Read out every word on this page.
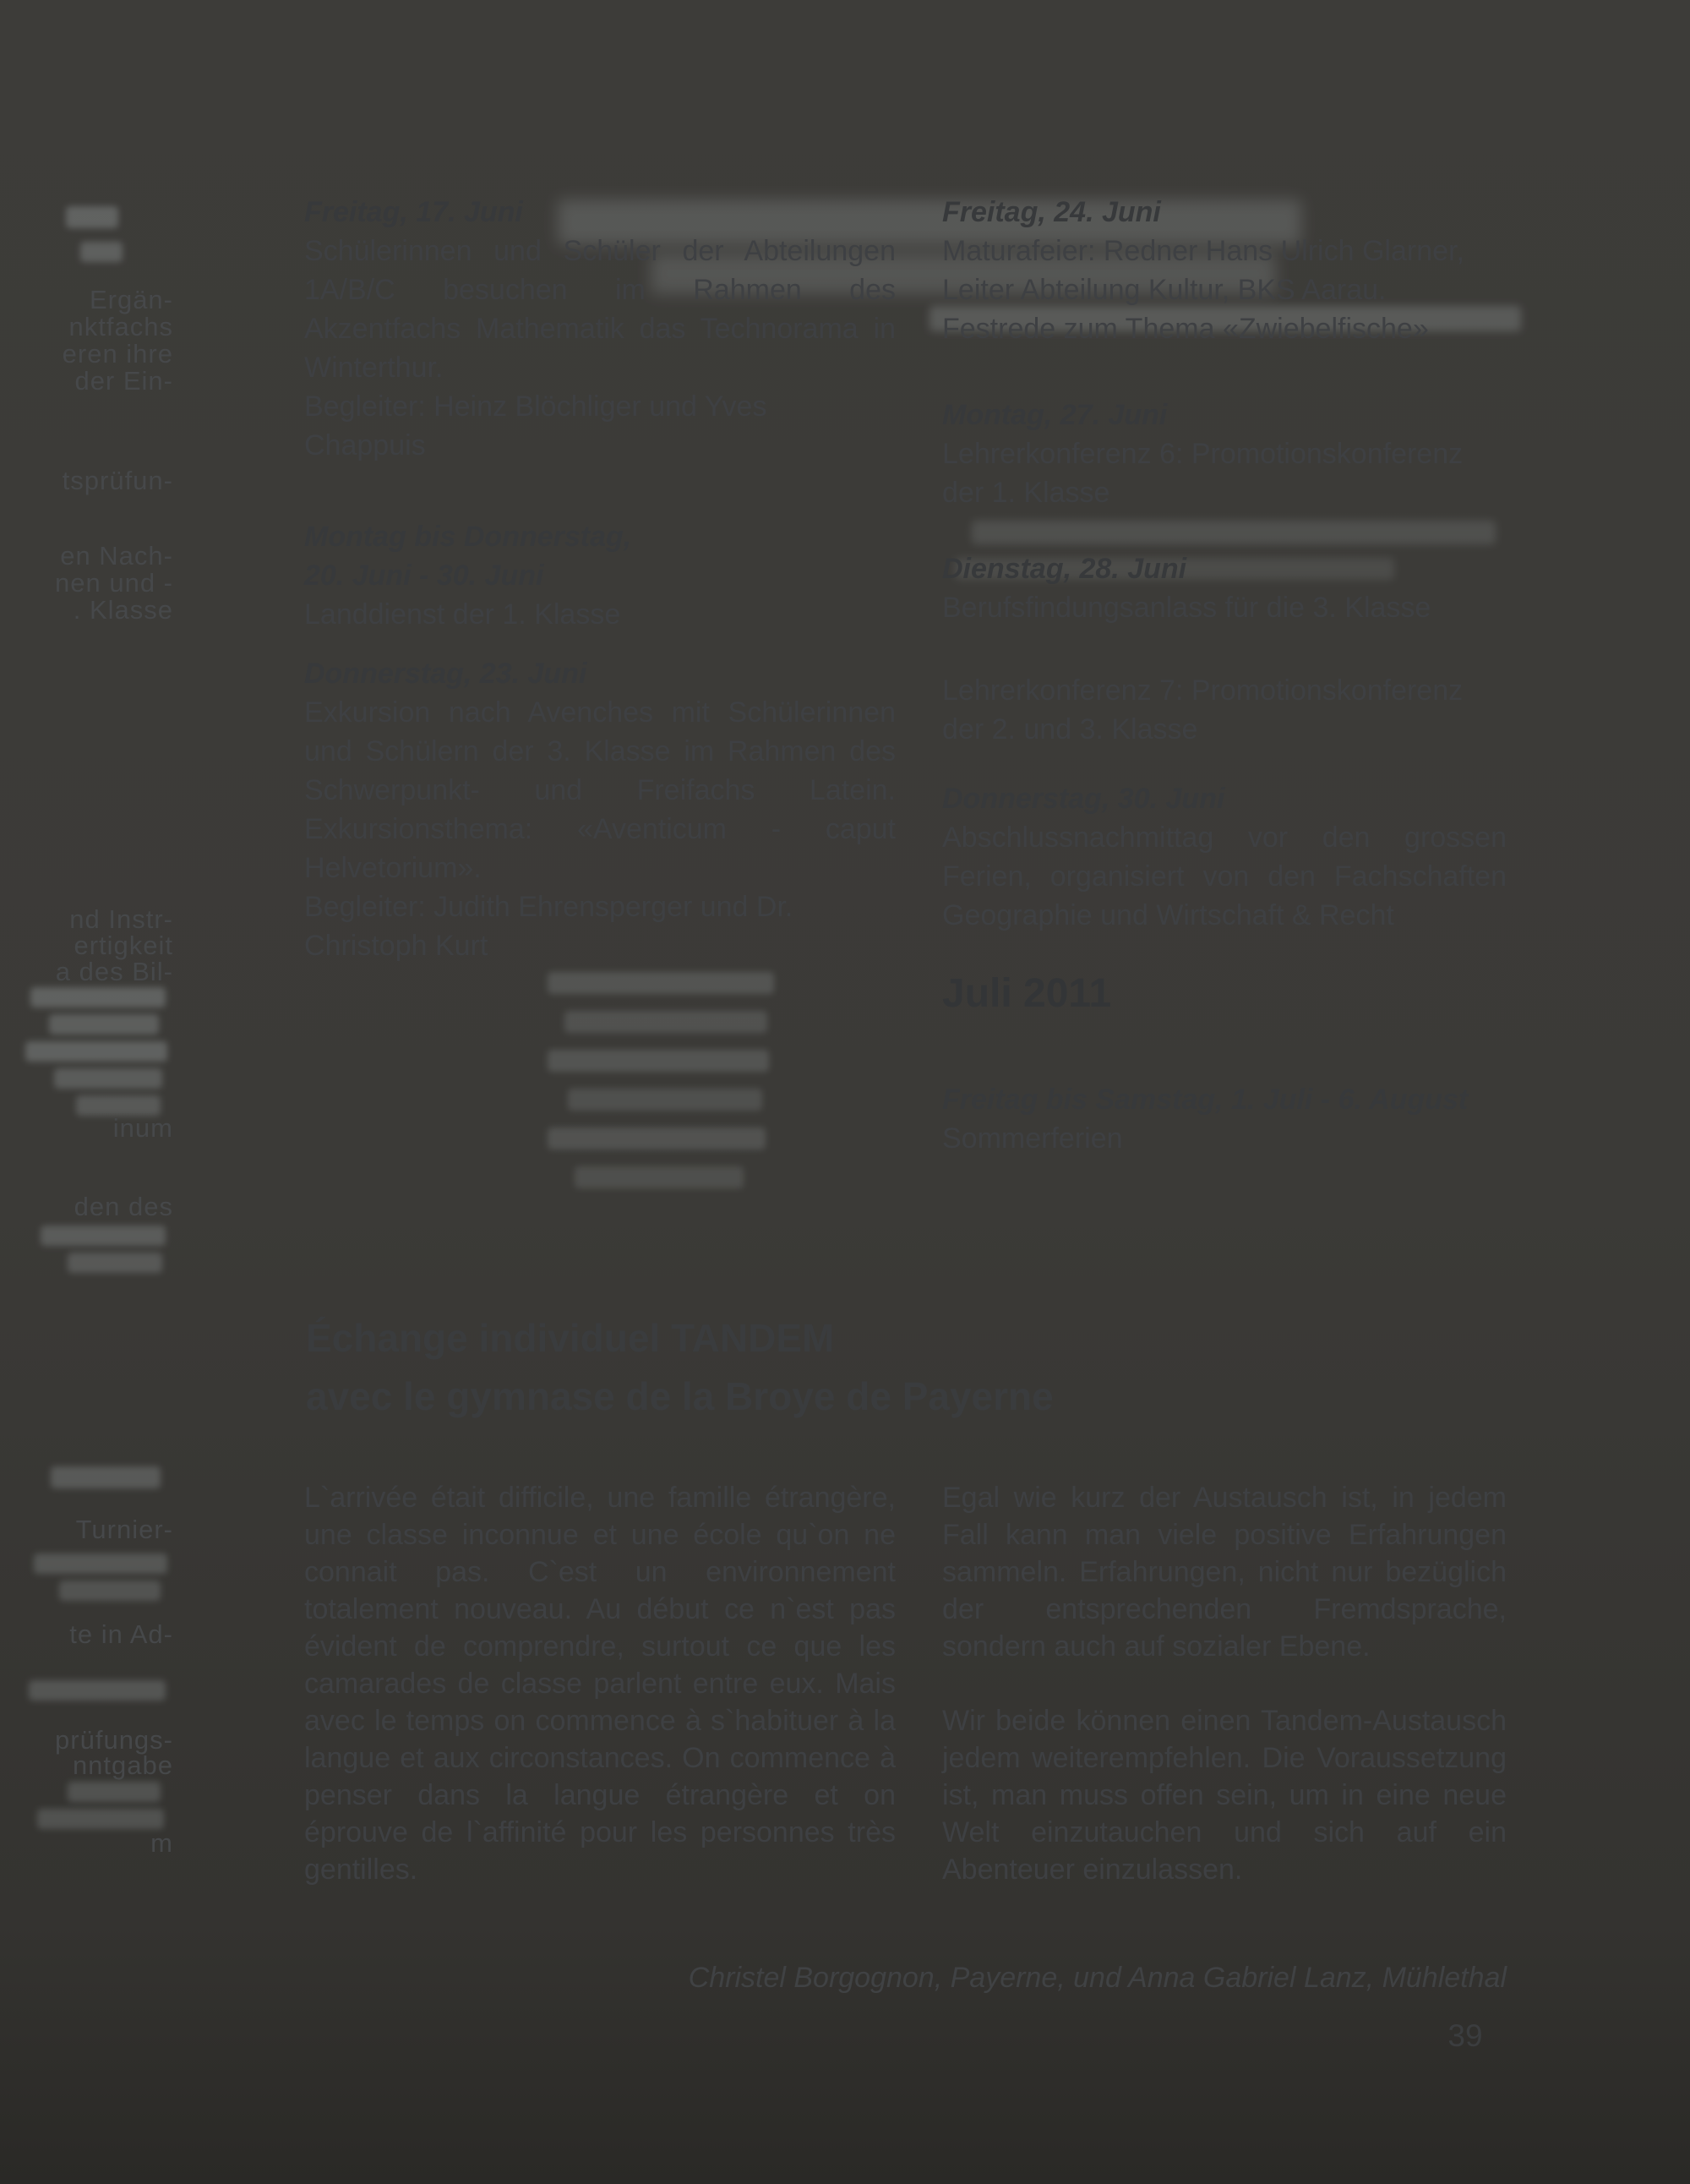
Ergän-
nktfachs
eren ihre
der Ein-
tsprüfun-
en Nach-
nen und -
. Klasse
nd Instr-
ertigkeit
a des Bil-
inum
den des
Turnier-
te in Ad-
prüfungs-
nntgabe
m

Freitag, 17. Juni

Schülerinnen und Schüler der Abteilungen 1A/B/C besuchen im Rahmen des Akzentfachs Mathematik das Technorama in Winterthur.

Begleiter: Heinz Blöchliger und Yves Chappuis

Montag bis Donnerstag,

20. Juni - 30. Juni

Landdienst der 1. Klasse

Donnerstag, 23. Juni

Exkursion nach Avenches mit Schülerinnen und Schülern der 3. Klasse im Rahmen des Schwerpunkt- und Freifachs Latein. Exkursionsthema: «Aventicum - caput Helvetorium».

Begleiter: Judith Ehrensperger und Dr. Christoph Kurt

Freitag, 24. Juni

Maturafeier: Redner Hans Ulrich Glarner, Leiter Abteilung Kultur, BKS Aarau.

Festrede zum Thema «Zwiebelfische»

Montag, 27. Juni

Lehrerkonferenz 6: Promotionskonferenz der 1. Klasse

Dienstag, 28. Juni

Berufsfindungsanlass für die 3. Klasse

Lehrerkonferenz 7: Promotionskonferenz der 2. und 3. Klasse

Donnerstag, 30. Juni

Abschlussnachmittag vor den grossen Ferien, organisiert von den Fachschaften Geographie und Wirtschaft & Recht

Juli 2011

Freitag bis Samstag, 1. Juli - 6. August

Sommerferien

Échange individuel TANDEM
avec le gymnase de la Broye de Payerne

L`arrivée était difficile, une famille étrangère, une classe inconnue et une école qu`on ne connait pas. C`est un environnement totalement nouveau. Au début ce n`est pas évident de comprendre, surtout ce que les camarades de classe parlent entre eux. Mais avec le temps on commence à s`habituer à la langue et aux circonstances. On commence à penser dans la langue étrangère et on éprouve de l`affinité pour les personnes très gentilles.

Egal wie kurz der Austausch ist, in jedem Fall kann man viele positive Erfahrungen sammeln. Erfahrungen, nicht nur bezüglich der entsprechenden Fremdsprache, sondern auch auf sozialer Ebene.

Wir beide können einen Tandem-Austausch jedem weiterempfehlen. Die Voraussetzung ist, man muss offen sein, um in eine neue Welt einzutauchen und sich auf ein Abenteuer einzulassen.

Christel Borgognon, Payerne, und Anna Gabriel Lanz, Mühlethal
39
